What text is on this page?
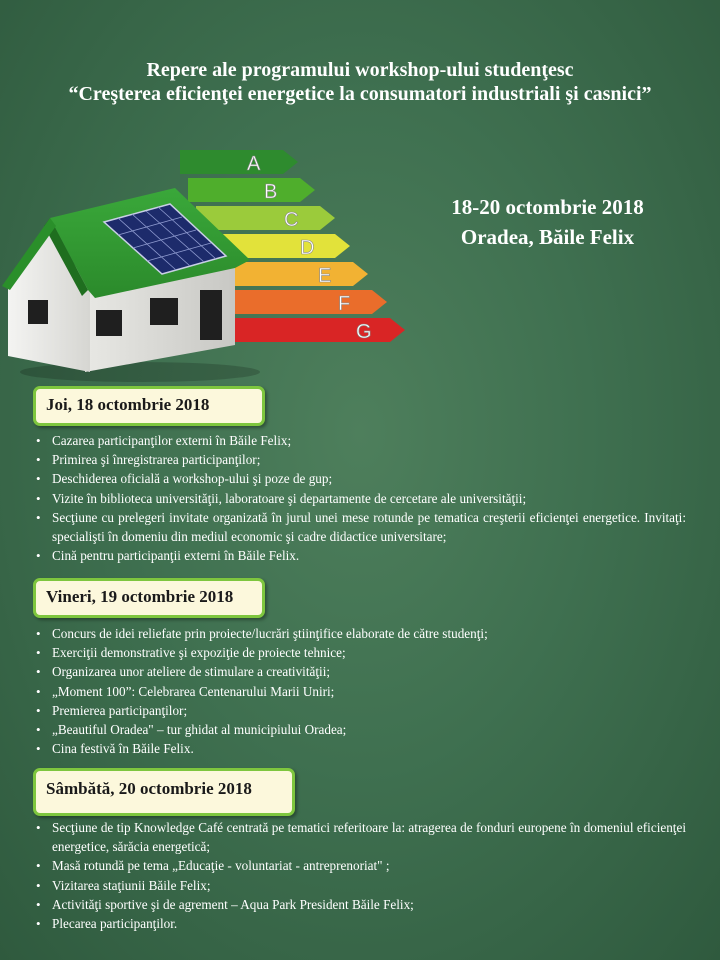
Repere ale programului workshop-ului studenţesc
“Creşterea eficienţei energetice la consumatori industriali şi casnici”
A
B
C
D
E
F
G
18-20 octombrie 2018
Oradea, Băile Felix
Joi, 18 octombrie 2018
• Cazarea participanţilor externi în Băile Felix;
• Primirea şi înregistrarea participanţilor;
• Deschiderea oficială a workshop-ului şi poze de gup;
• Vizite în biblioteca universităţii, laboratoare şi departamente de cercetare ale universităţii;
• Secţiune cu prelegeri invitate organizată în jurul unei mese rotunde pe tematica creşterii eficienţei energetice. Invitaţi: specialişti în domeniu din mediul economic şi cadre didactice universitare;
• Cină pentru participanţii externi în Băile Felix.
Vineri, 19 octombrie 2018
• Concurs de idei reliefate prin proiecte/lucrări ştiinţifice elaborate de către studenţi;
• Exerciţii demonstrative şi expoziţie de proiecte tehnice;
• Organizarea unor ateliere de stimulare a creativităţii;
• „Moment 100”: Celebrarea Centenarului Marii Uniri;
• Premierea participanţilor;
• „Beautiful Oradea" – tur ghidat al municipiului Oradea;
• Cina festivă în Băile Felix.
Sâmbătă, 20 octombrie 2018
• Secţiune de tip Knowledge Café centrată pe tematici referitoare la: atragerea de fonduri europene în domeniul eficienţei energetice, sărăcia energetică;
• Masă rotundă pe tema „Educaţie - voluntariat - antreprenoriat" ;
• Vizitarea staţiunii Băile Felix;
• Activităţi sportive şi de agrement – Aqua Park President Băile Felix;
• Plecarea participanţilor.
